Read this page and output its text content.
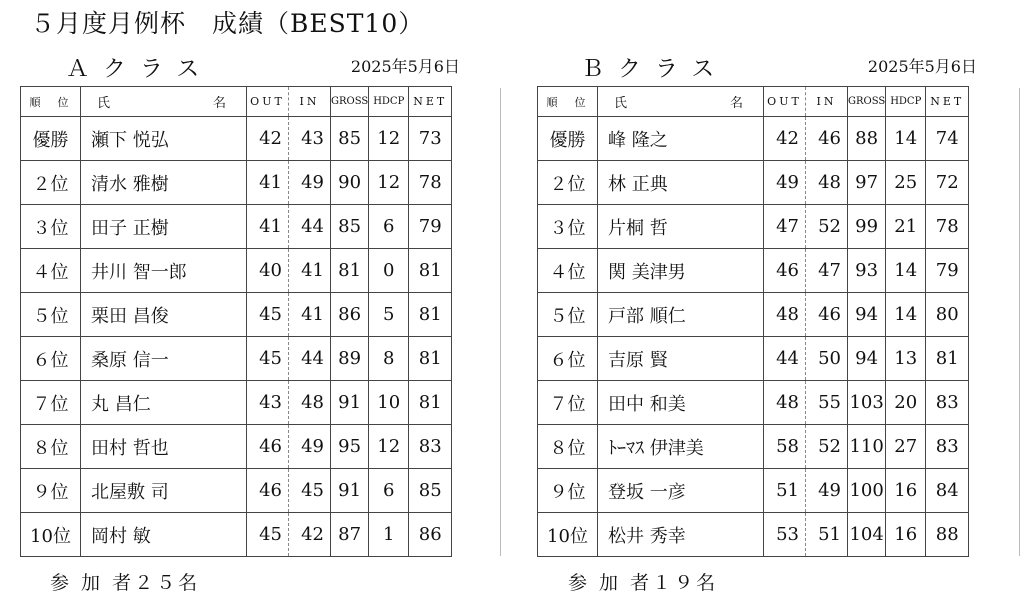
５月度月例杯　成績（BEST10）
Ａクラス	2025年5月6日
順　位	氏 名	OUT	IN	GROSS	HDCP	NET
優勝	瀬下 悦弘	42	43	85	12	73
２位	清水 雅樹	41	49	90	12	78
３位	田子 正樹	41	44	85	6	79
４位	井川 智一郎	40	41	81	0	81
５位	栗田 昌俊	45	41	86	5	81
６位	桑原 信一	45	44	89	8	81
７位	丸 昌仁	43	48	91	10	81
８位	田村 哲也	46	49	95	12	83
９位	北屋敷 司	46	45	91	6	85
10位	岡村 敏	45	42	87	1	86
参 加 者２５名
Ｂクラス	2025年5月6日
順　位	氏 名	OUT	IN	GROSS	HDCP	NET
優勝	峰 隆之	42	46	88	14	74
２位	林 正典	49	48	97	25	72
３位	片桐 哲	47	52	99	21	78
４位	関 美津男	46	47	93	14	79
５位	戸部 順仁	48	46	94	14	80
６位	吉原 賢	44	50	94	13	81
７位	田中 和美	48	55	103	20	83
８位	ﾄｰﾏｽ 伊津美	58	52	110	27	83
９位	登坂 一彦	51	49	100	16	84
10位	松井 秀幸	53	51	104	16	88
参 加 者１９名
